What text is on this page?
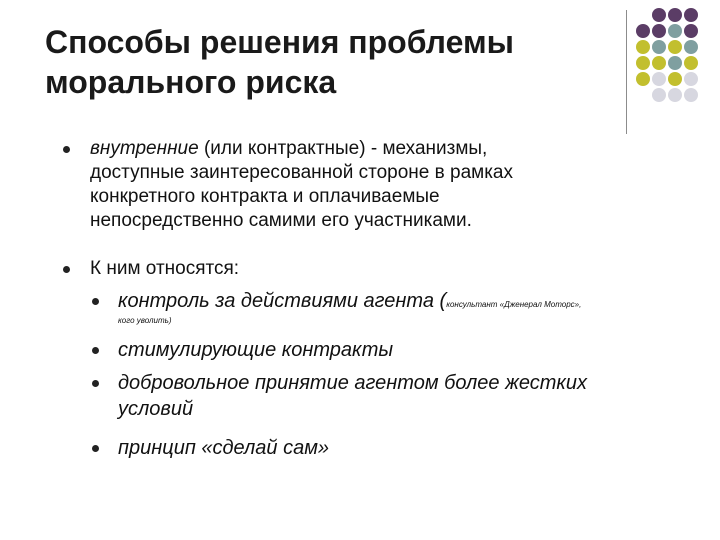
Способы решения проблемы
морального риска
внутренние (или контрактные) - механизмы,
доступные заинтересованной стороне в рамках
конкретного контракта и оплачиваемые
непосредственно самими его участниками.
К ним относятся:
контроль за действиями агента (консультант «Дженерал Моторс»,
кого уволить)
стимулирующие контракты
добровольное принятие агентом более жестких
условий
принцип «сделай сам»
